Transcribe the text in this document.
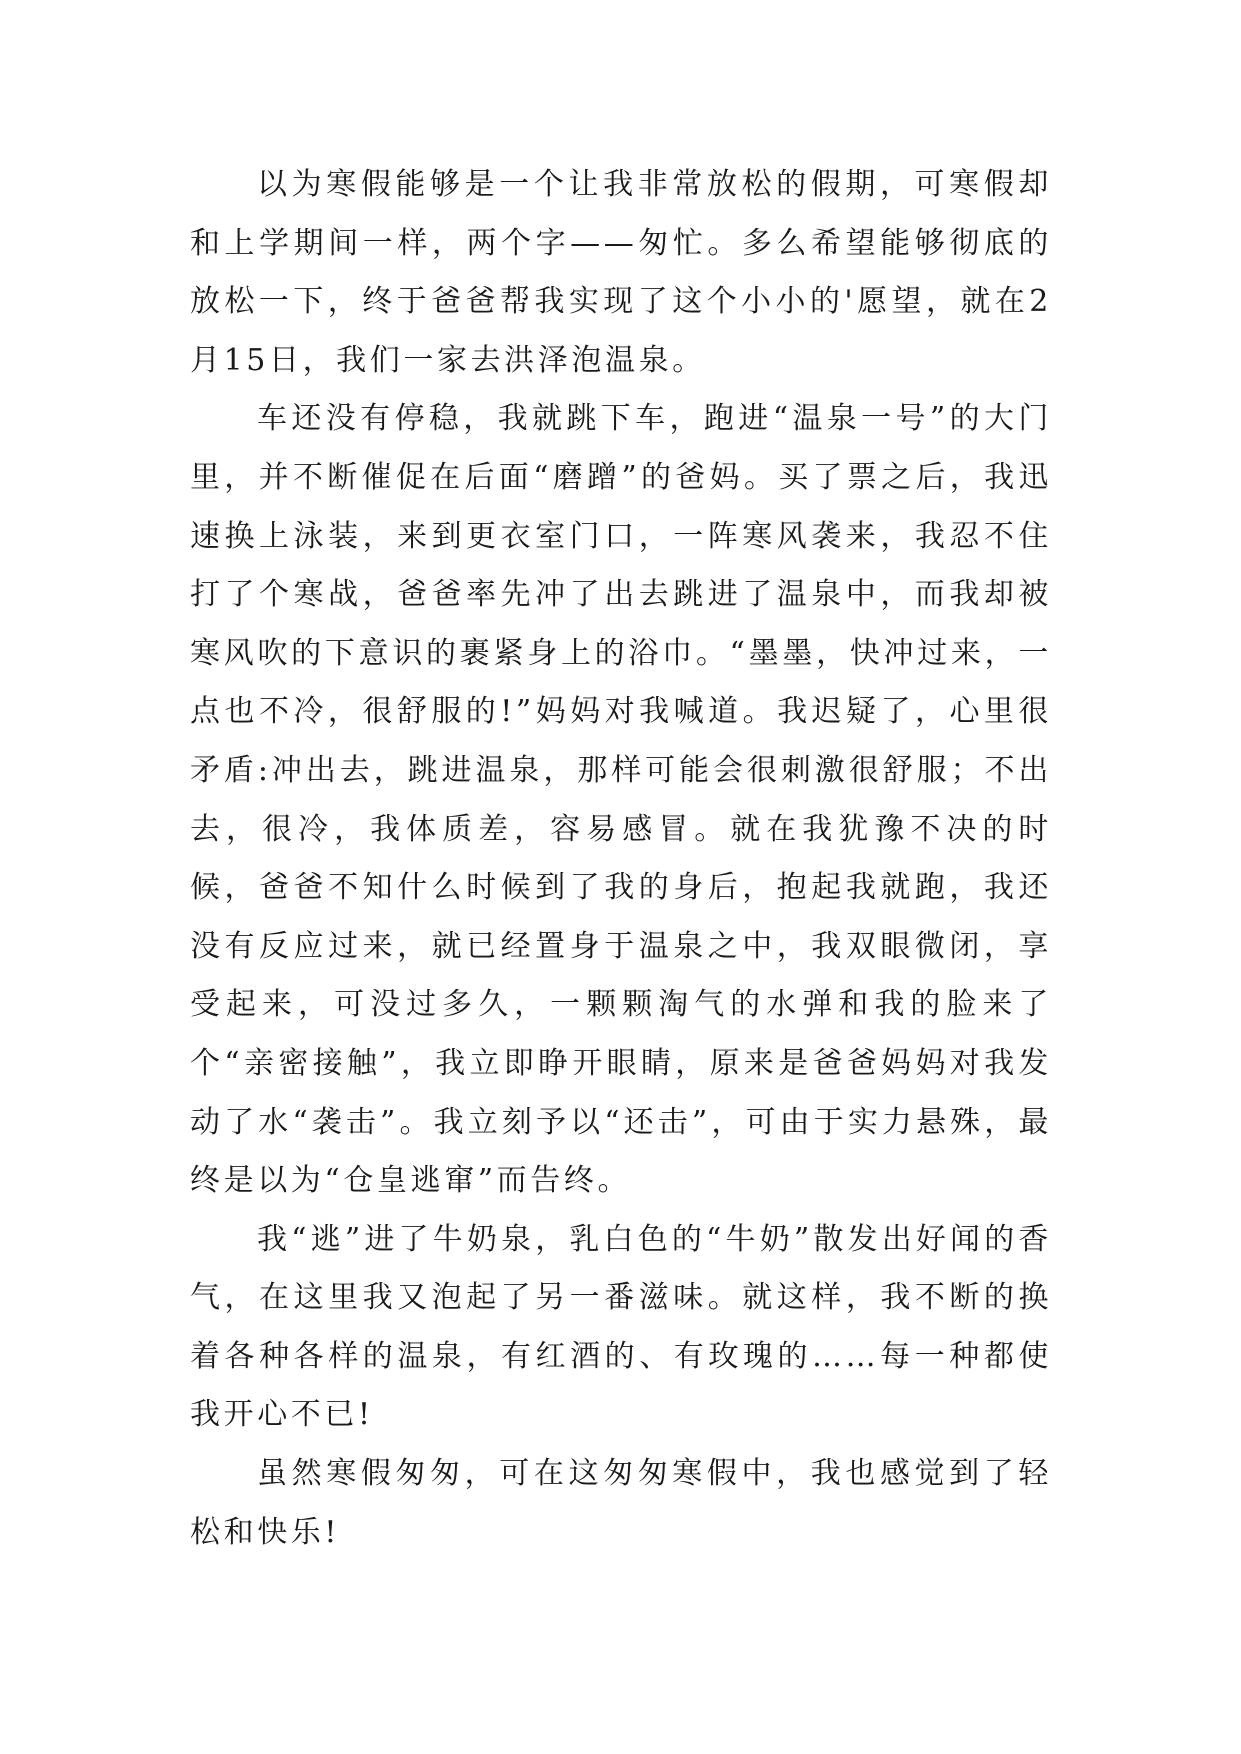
以为寒假能够是一个让我非常放松的假期，可寒假却和上学期间一样，两个字——匆忙。多么希望能够彻底的放松一下，终于爸爸帮我实现了这个小小的'愿望，就在2月15日，我们一家去洪泽泡温泉。

车还没有停稳，我就跳下车，跑进“温泉一号”的大门里，并不断催促在后面“磨蹭”的爸妈。买了票之后，我迅速换上泳装，来到更衣室门口，一阵寒风袭来，我忍不住打了个寒战，爸爸率先冲了出去跳进了温泉中，而我却被寒风吹的下意识的裹紧身上的浴巾。“墨墨，快冲过来，一点也不冷，很舒服的!”妈妈对我喊道。我迟疑了，心里很矛盾:冲出去，跳进温泉，那样可能会很刺激很舒服；不出去，很冷，我体质差，容易感冒。就在我犹豫不决的时候，爸爸不知什么时候到了我的身后，抱起我就跑，我还没有反应过来，就已经置身于温泉之中，我双眼微闭，享受起来，可没过多久，一颗颗淘气的水弹和我的脸来了个“亲密接触”，我立即睁开眼睛，原来是爸爸妈妈对我发动了水“袭击”。我立刻予以“还击”，可由于实力悬殊，最终是以为“仓皇逃窜”而告终。

我“逃”进了牛奶泉，乳白色的“牛奶”散发出好闻的香气，在这里我又泡起了另一番滋味。就这样，我不断的换着各种各样的温泉，有红酒的、有玫瑰的……每一种都使我开心不已!

虽然寒假匆匆，可在这匆匆寒假中，我也感觉到了轻松和快乐!
